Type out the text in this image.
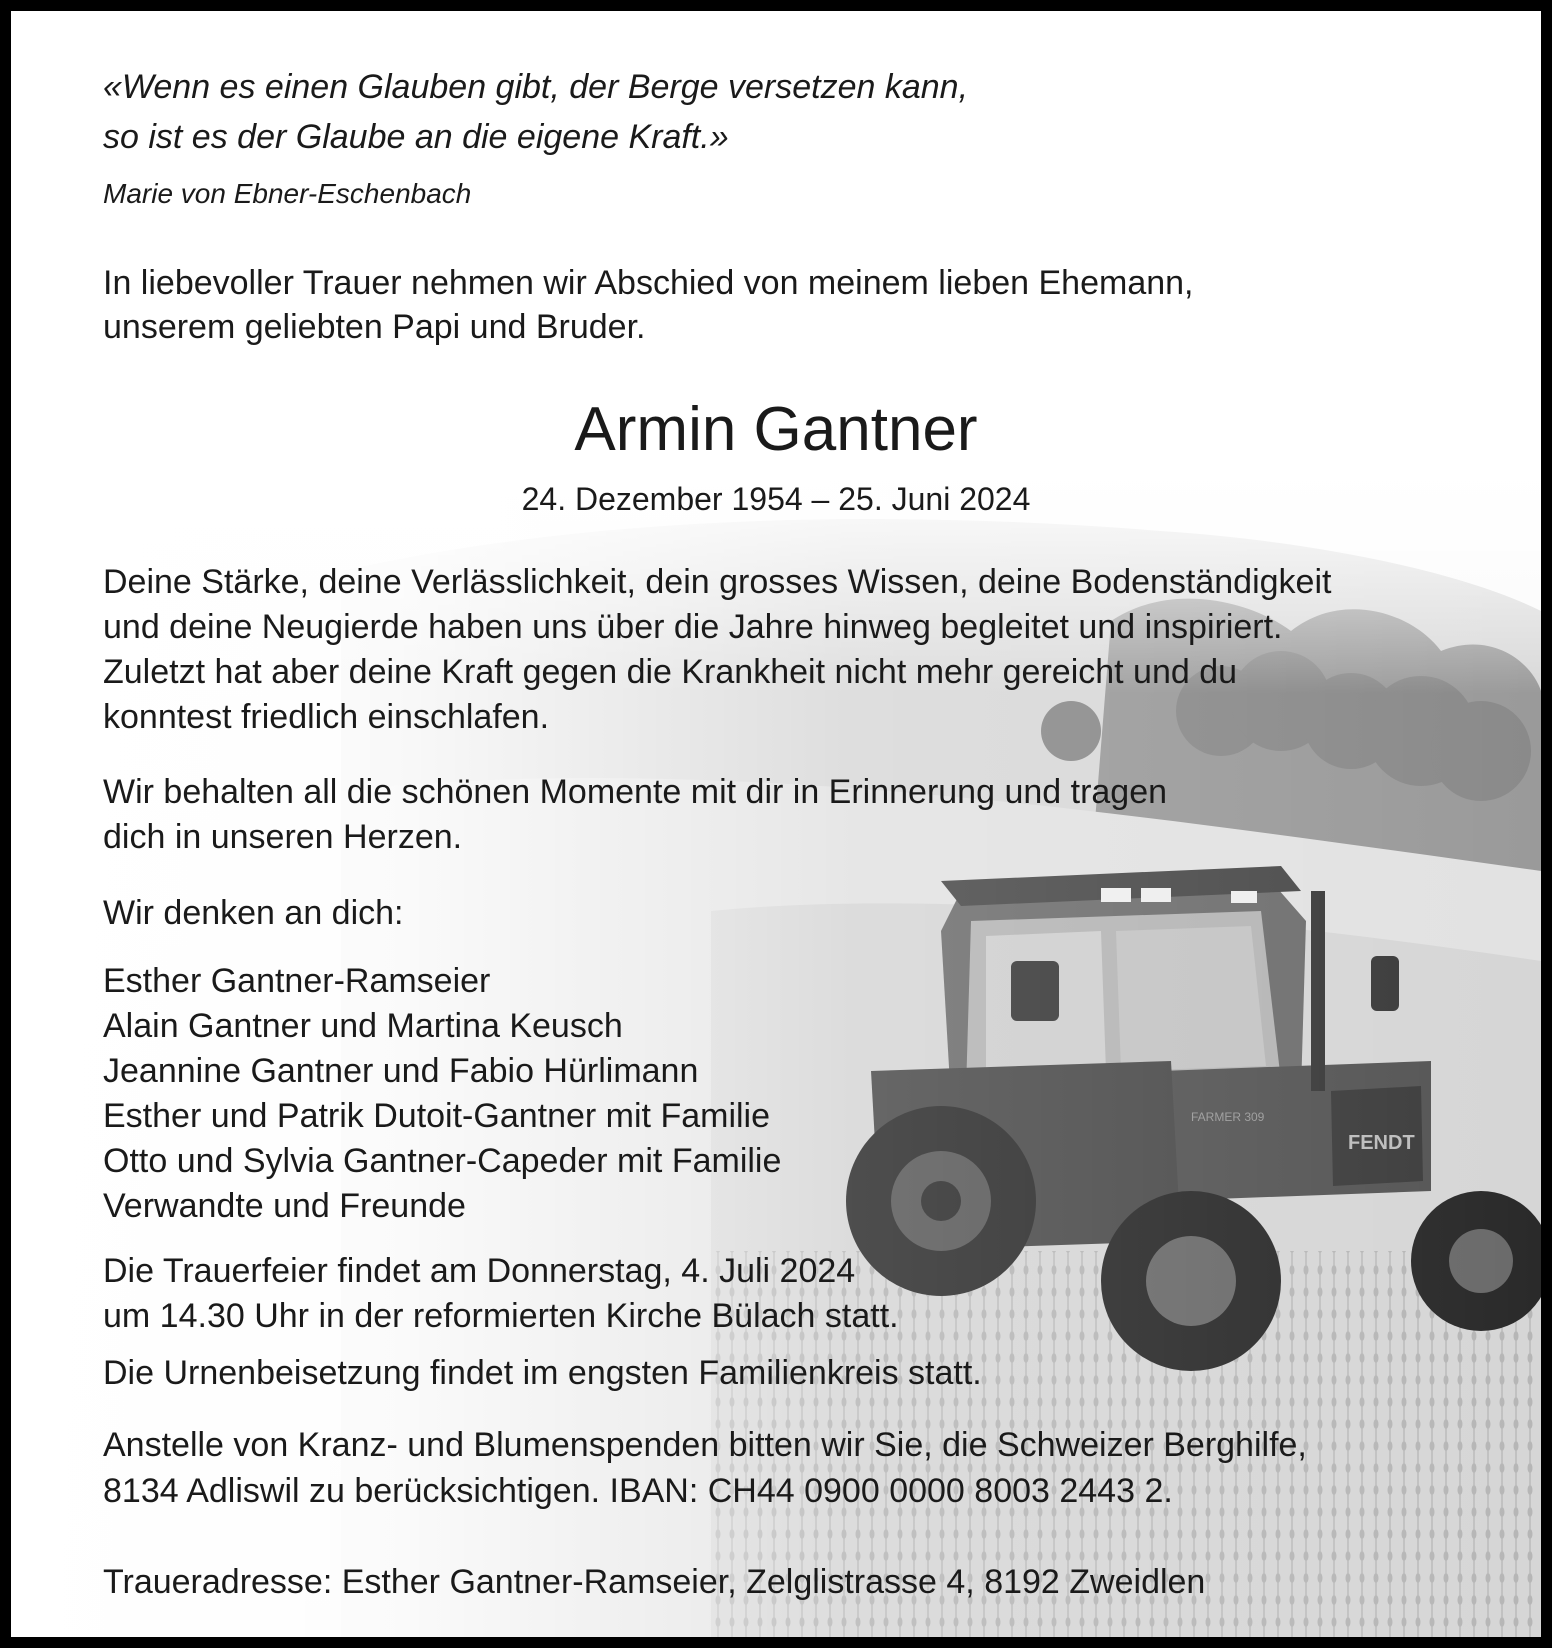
«Wenn es einen Glauben gibt, der Berge versetzen kann,

so ist es der Glaube an die eigene Kraft.»

Marie von Ebner-Eschenbach

In liebevoller Trauer nehmen wir Abschied von meinem lieben Ehemann,

unserem geliebten Papi und Bruder.

Armin Gantner

24. Dezember 1954 – 25. Juni 2024

Deine Stärke, deine Verlässlichkeit, dein grosses Wissen, deine Bodenständigkeit

und deine Neugierde haben uns über die Jahre hinweg begleitet und inspiriert.

Zuletzt hat aber deine Kraft gegen die Krankheit nicht mehr gereicht und du

konntest friedlich einschlafen.

Wir behalten all die schönen Momente mit dir in Erinnerung und tragen

dich in unseren Herzen.

Wir denken an dich:

Esther Gantner-Ramseier
Alain Gantner und Martina Keusch
Jeannine Gantner und Fabio Hürlimann
Esther und Patrik Dutoit-Gantner mit Familie
Otto und Sylvia Gantner-Capeder mit Familie
Verwandte und Freunde

Die Trauerfeier findet am Donnerstag, 4. Juli 2024

um 14.30 Uhr in der reformierten Kirche Bülach statt.

Die Urnenbeisetzung findet im engsten Familienkreis statt.

Anstelle von Kranz- und Blumenspenden bitten wir Sie, die Schweizer Berghilfe,

8134 Adliswil zu berücksichtigen. IBAN: CH44 0900 0000 8003 2443 2.

Traueradresse: Esther Gantner-Ramseier, Zelglistrasse 4, 8192 Zweidlen
